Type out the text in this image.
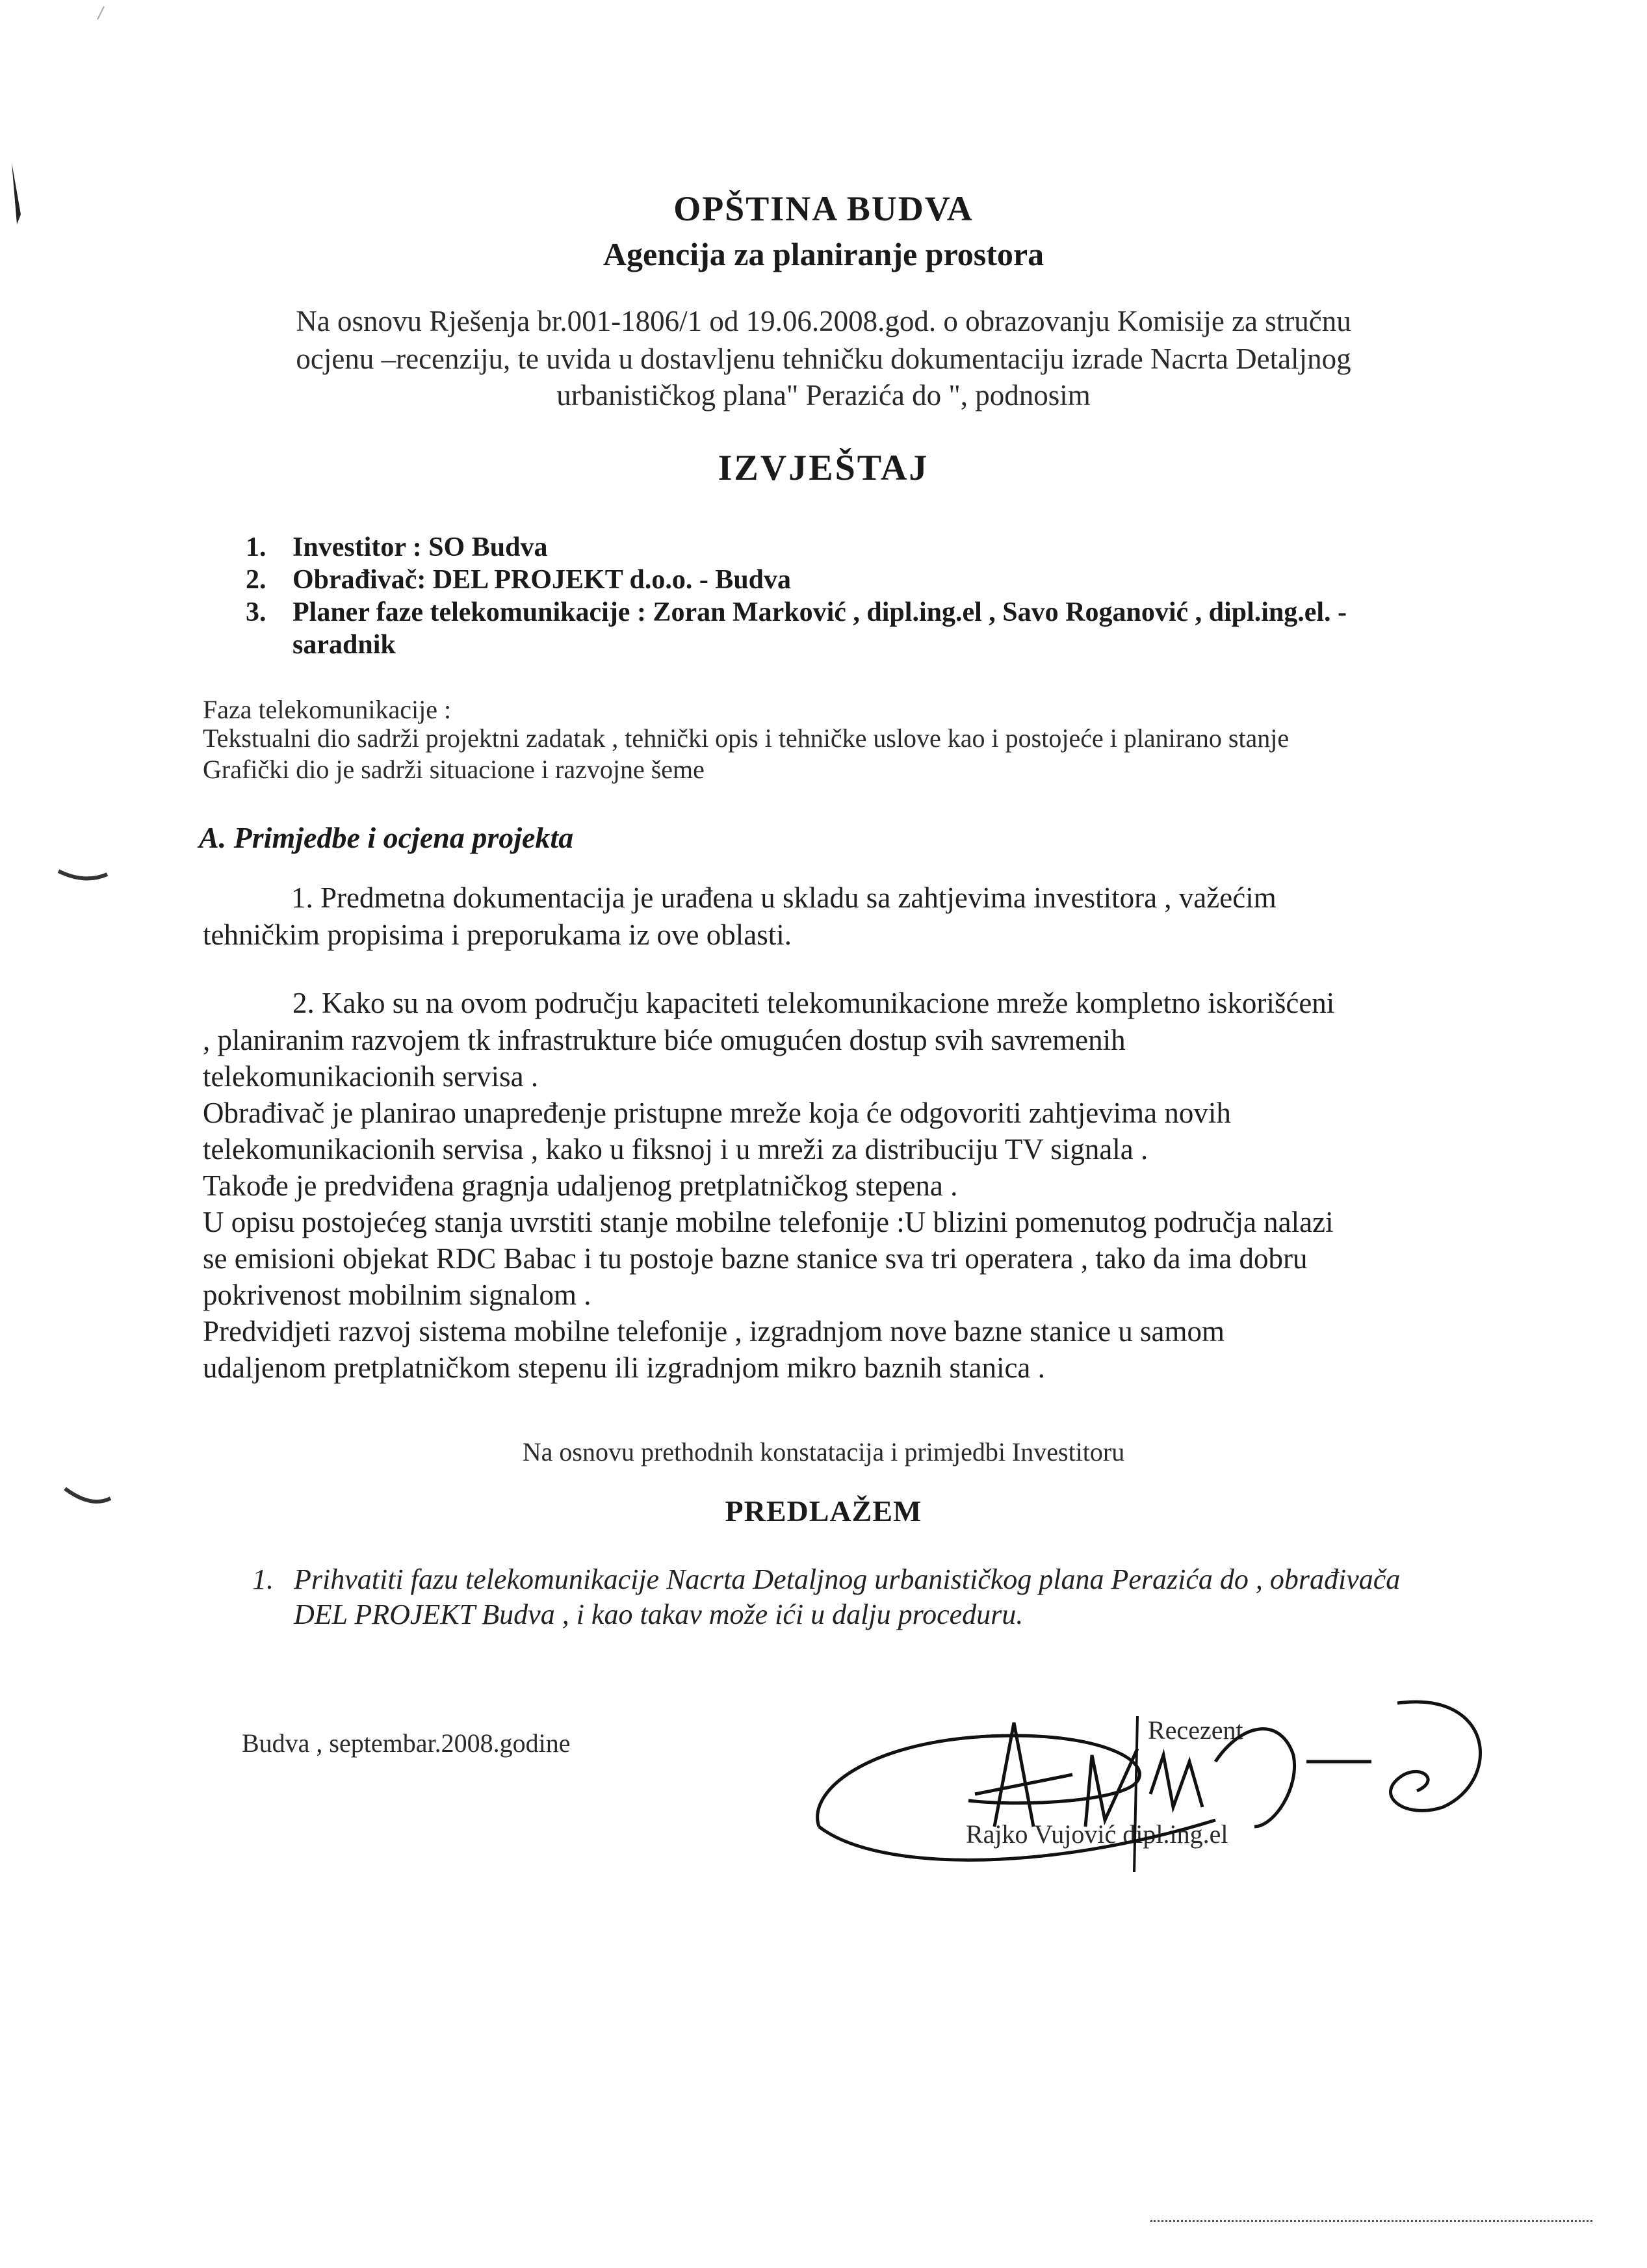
OPŠTINA BUDVA
Agencija za planiranje prostora
Na osnovu Rješenja br.001-1806/1 od 19.06.2008.god. o obrazovanju Komisije za stručnu
ocjenu –recenziju, te uvida u dostavljenu tehničku dokumentaciju izrade Nacrta Detaljnog
urbanističkog plana" Perazića do ", podnosim
IZVJEŠTAJ
1. Investitor : SO Budva
2. Obrađivač: DEL PROJEKT d.o.o. - Budva
3. Planer faze telekomunikacije : Zoran Marković , dipl.ing.el , Savo Roganović , dipl.ing.el. -
saradnik
Faza telekomunikacije :
Tekstualni dio sadrži projektni zadatak , tehnički opis i tehničke uslove kao i postojeće i planirano stanje
Grafički dio je sadrži situacione i razvojne šeme
A. Primjedbe i ocjena projekta
1. Predmetna dokumentacija je urađena u skladu sa zahtjevima investitora , važećim
tehničkim propisima i preporukama iz ove oblasti.
2. Kako su na ovom području kapaciteti telekomunikacione mreže kompletno iskorišćeni
, planiranim razvojem tk infrastrukture biće omugućen dostup svih savremenih
telekomunikacionih servisa .
Obrađivač je planirao unapređenje pristupne mreže koja će odgovoriti zahtjevima novih
telekomunikacionih servisa , kako u fiksnoj i u mreži za distribuciju TV signala .
Takođe je predviđena gragnja udaljenog pretplatničkog stepena .
U opisu postojećeg stanja uvrstiti stanje mobilne telefonije :U blizini pomenutog područja nalazi
se emisioni objekat RDC Babac i tu postoje bazne stanice sva tri operatera , tako da ima dobru
pokrivenost mobilnim signalom .
Predvidjeti razvoj sistema mobilne telefonije , izgradnjom nove bazne stanice u samom
udaljenom pretplatničkom stepenu ili izgradnjom mikro baznih stanica .
Na osnovu prethodnih konstatacija i primjedbi Investitoru
PREDLAŽEM
1. Prihvatiti fazu telekomunikacije Nacrta Detaljnog urbanističkog plana Perazića do , obrađivača
DEL PROJEKT Budva , i kao takav može ići u dalju proceduru.
Budva , septembar.2008.godine	Recezent
Rajko Vujović dipl.ing.el
